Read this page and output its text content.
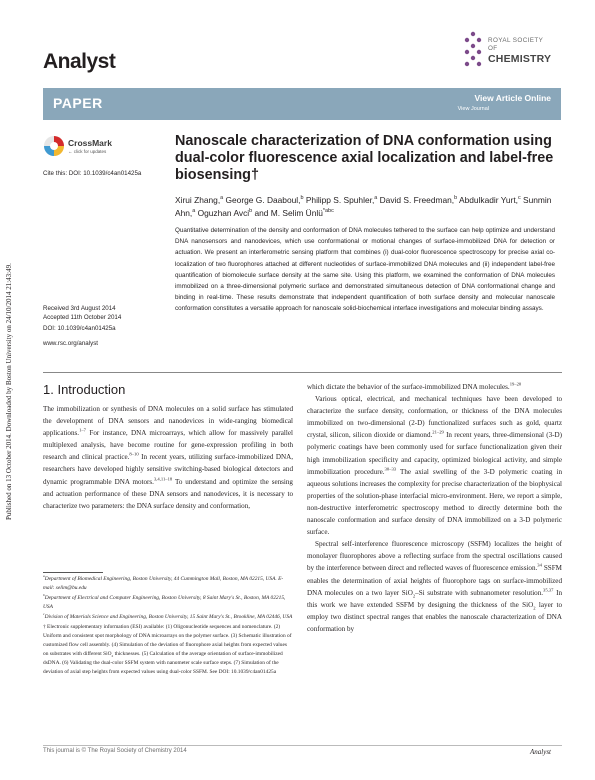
Published on 13 October 2014. Downloaded by Boston University on 24/10/2014 21:43:49.
Analyst
ROYAL SOCIETY
OF
CHEMISTRY
PAPER	View Article Online
View Journal
CrossMark
← click for updates
Cite this: DOI: 10.1039/c4an01425a
Nanoscale characterization of DNA conformation using dual-color fluorescence axial localization and label-free biosensing†
Xirui Zhang,$^a$ George G. Daaboul,$^b$ Philipp S. Spuhler,$^a$ David S. Freedman,$^b$ Abdulkadir Yurt,$^c$ Sunmin Ahn,$^a$ Oguzhan Avci$^b$ and M. Selim Ünlü$^{*abc}$
Quantitative determination of the density and conformation of DNA molecules tethered to the surface can help optimize and understand DNA nanosensors and nanodevices, which use conformational or motional changes of surface-immobilized DNA for detection or actuation. We present an interferometric sensing platform that combines (i) dual-color fluorescence spectroscopy for precise axial co-localization of two fluorophores attached at different nucleotides of surface-immobilized DNA molecules and (ii) independent label-free quantification of biomolecule surface density at the same site. Using this platform, we examined the conformation of DNA molecules immobilized on a three-dimensional polymeric surface and demonstrated simultaneous detection of DNA conformational change and binding in real-time. These results demonstrate that independent quantification of both surface density and molecular nanoscale conformation constitutes a versatile approach for nanoscale solid-biochemical interface investigations and molecular binding assays.
Received 3rd August 2014
Accepted 11th October 2014
DOI: 10.1039/c4an01425a
www.rsc.org/analyst
1. Introduction

The immobilization or synthesis of DNA molecules on a solid surface has stimulated the development of DNA sensors and nanodevices in wide-ranging biomedical applications.$^{1-7}$ For instance, DNA microarrays, which allow for massively parallel multiplexed analysis, have become routine for gene-expression profiling in both research and clinical practice.$^{8-10}$ In recent years, utilizing surface-immobilized DNA, researchers have developed highly sensitive switching-based biological detectors and dynamic programmable DNA motors.$^{3,4,11-18}$ To understand and optimize the sensing and actuation performance of these DNA sensors and nanodevices, it is necessary to characterize two parameters: the DNA surface density and conformation,

which dictate the behavior of the surface-immobilized DNA molecules.$^{19-20}$

Various optical, electrical, and mechanical techniques have been developed to characterize the surface density, conformation, or thickness of the DNA molecules immobilized on two-dimensional (2-D) functionalized surfaces such as gold, quartz crystal, silicon, silicon dioxide or diamond.$^{21-29}$ In recent years, three-dimensional (3-D) polymeric coatings have been commonly used for surface functionalization given their high immobilization specificity and capacity, optimized biological activity, and simple immobilization procedure.$^{30-33}$ The axial swelling of the 3-D polymeric coating in aqueous solutions increases the complexity for precise characterization of the biophysical properties of the solution-phase interfacial micro-environment. Here, we report a simple, non-destructive interferometric spectroscopy method to directly determine both the nanoscale conformation and surface density of DNA immobilized on a 3-D polymeric surface.

Spectral self-interference fluorescence microscopy (SSFM) localizes the height of monolayer fluorophores above a reflecting surface from the spectral oscillations caused by the interference between direct and reflected waves of fluorescence emission.$^{34}$ SSFM enables the determination of axial heights of fluorophore tags on surface-immobilized DNA molecules on a two layer SiO$_2$–Si substrate with subnanometer resolution.$^{35,37}$ In this work we have extended SSFM by designing the thickness of the SiO$_2$ layer to employ two distinct spectral ranges that enables the nanoscale characterization of DNA conformation by

$^a$Department of Biomedical Engineering, Boston University, 44 Cummington Mall, Boston, MA 02215, USA. E-mail: selim@bu.edu

$^b$Department of Electrical and Computer Engineering, Boston University, 8 Saint Mary's St., Boston, MA 02215, USA

$^c$Division of Materials Science and Engineering, Boston University, 15 Saint Mary's St., Brookline, MA 02446, USA

† Electronic supplementary information (ESI) available: (1) Oligonucleotide sequences and nomenclature. (2) Uniform and consistent spot morphology of DNA microarrays on the polymer surface. (3) Schematic illustration of customized flow cell assembly. (4) Simulation of the deviation of fluorophore axial heights from expected values on substrates with different SiO$_2$ thicknesses. (5) Calculation of the average orientation of surface-immobilized dsDNA. (6) Validating the dual-color SSFM system with nanometer scale surface steps. (7) Simulation of the deviation of axial step heights from expected values using dual-color SSFM. See DOI: 10.1039/c4an01425a

This journal is © The Royal Society of Chemistry 2014	Analyst
